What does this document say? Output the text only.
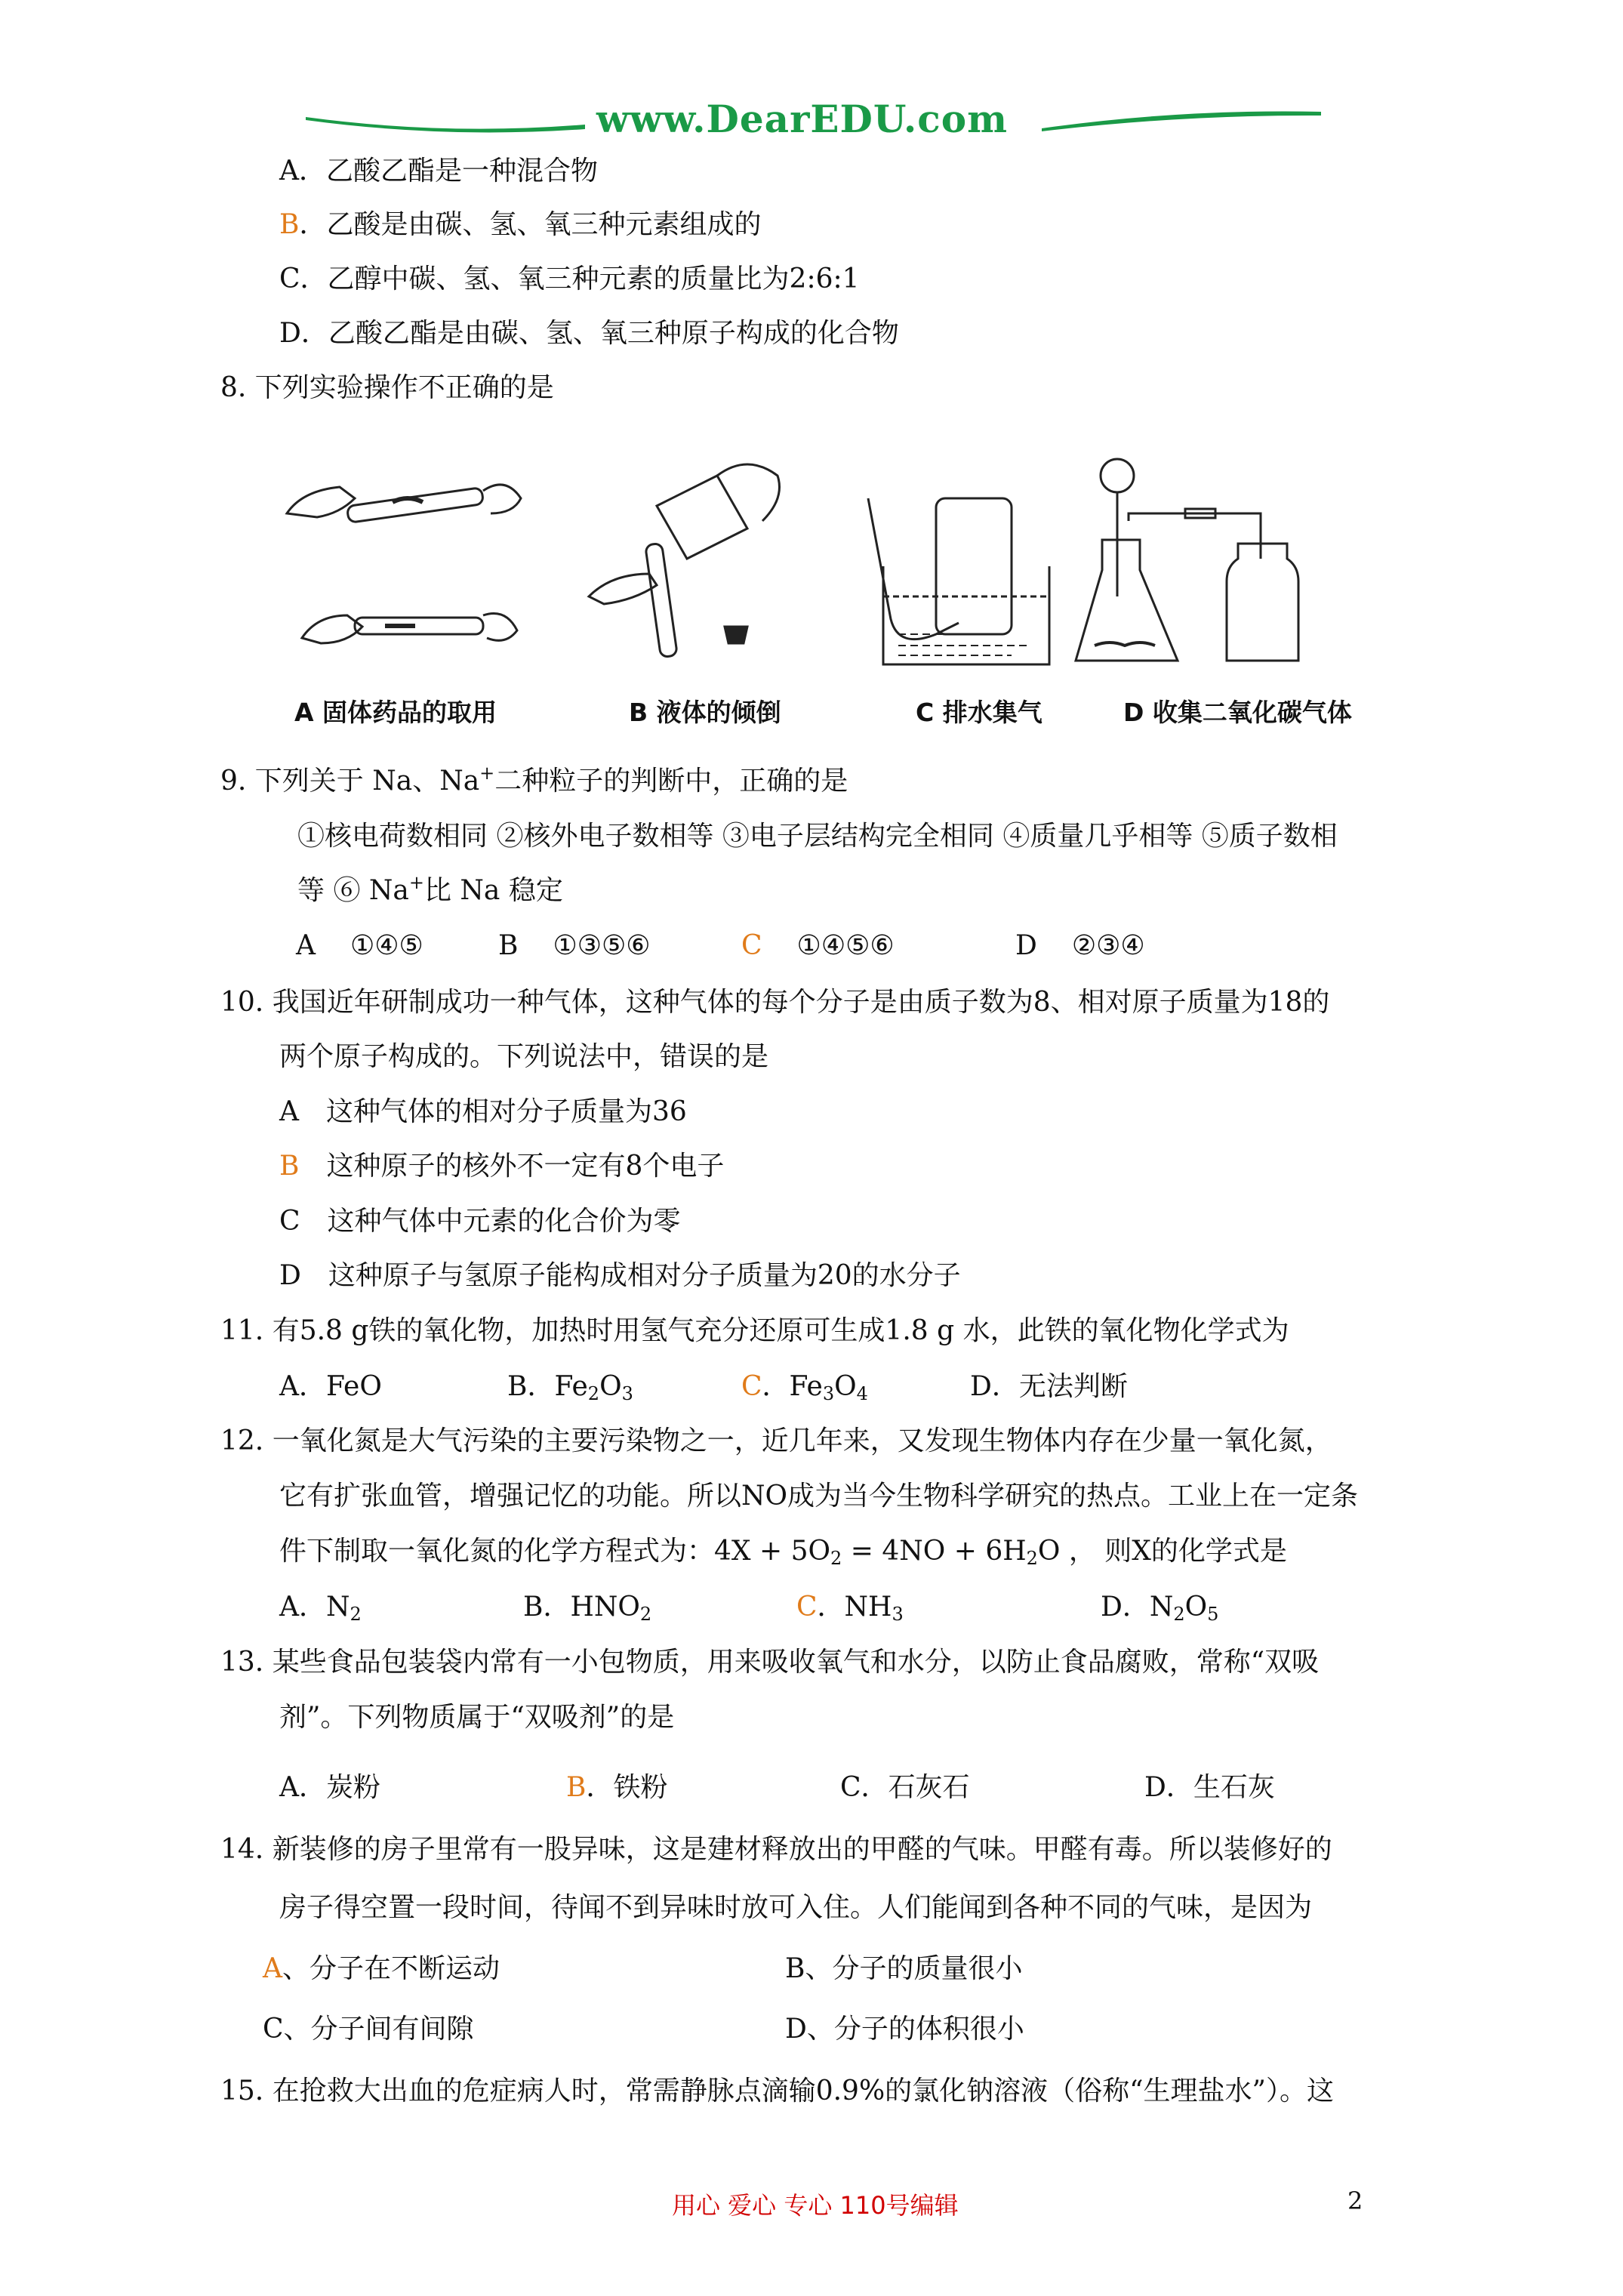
www.DearEDU.com
A．乙酸乙酯是一种混合物
B．乙酸是由碳、氢、氧三种元素组成的
C．乙醇中碳、氢、氧三种元素的质量比为2:6:1
D．乙酸乙酯是由碳、氢、氧三种原子构成的化合物
8. 下列实验操作不正确的是
A 固体药品的取用	B 液体的倾倒	C 排水集气	D 收集二氧化碳气体
9. 下列关于 Na、Na+二种粒子的判断中，正确的是
①核电荷数相同 ②核外电子数相等 ③电子层结构完全相同 ④质量几乎相等 ⑤质子数相
等 ⑥ Na+比 Na 稳定
A ①④⑤	B ①③⑤⑥	C ①④⑤⑥	D ②③④
10. 我国近年研制成功一种气体，这种气体的每个分子是由质子数为8、相对原子质量为18的
两个原子构成的。下列说法中，错误的是
A 这种气体的相对分子质量为36
B 这种原子的核外不一定有8个电子
C 这种气体中元素的化合价为零
D 这种原子与氢原子能构成相对分子质量为20的水分子
11. 有5.8 g铁的氧化物，加热时用氢气充分还原可生成1.8 g 水，此铁的氧化物化学式为
A．FeO	B．$Fe_2O_3$	C．$Fe_3O_4$	D．无法判断
12. 一氧化氮是大气污染的主要污染物之一，近几年来，又发现生物体内存在少量一氧化氮，
它有扩张血管，增强记忆的功能。所以NO成为当今生物科学研究的热点。工业上在一定条
件下制取一氧化氮的化学方程式为：$4X + 5O_2 = 4NO + 6H_2O$ ， 则X的化学式是
A．$N_2$	B．$HNO_2$	C．$NH_3$	D．$N_2O_5$
13. 某些食品包装袋内常有一小包物质，用来吸收氧气和水分，以防止食品腐败，常称“双吸
剂”。下列物质属于“双吸剂”的是
A．炭粉	B．铁粉	C．石灰石	D．生石灰
14. 新装修的房子里常有一股异味，这是建材释放出的甲醛的气味。甲醛有毒。所以装修好的
房子得空置一段时间，待闻不到异味时放可入住。人们能闻到各种不同的气味，是因为
A、分子在不断运动	B、分子的质量很小
C、分子间有间隙	D、分子的体积很小
15. 在抢救大出血的危症病人时，常需静脉点滴输0.9%的氯化钠溶液（俗称“生理盐水”）。这
用心 爱心 专心 110号编辑	2
